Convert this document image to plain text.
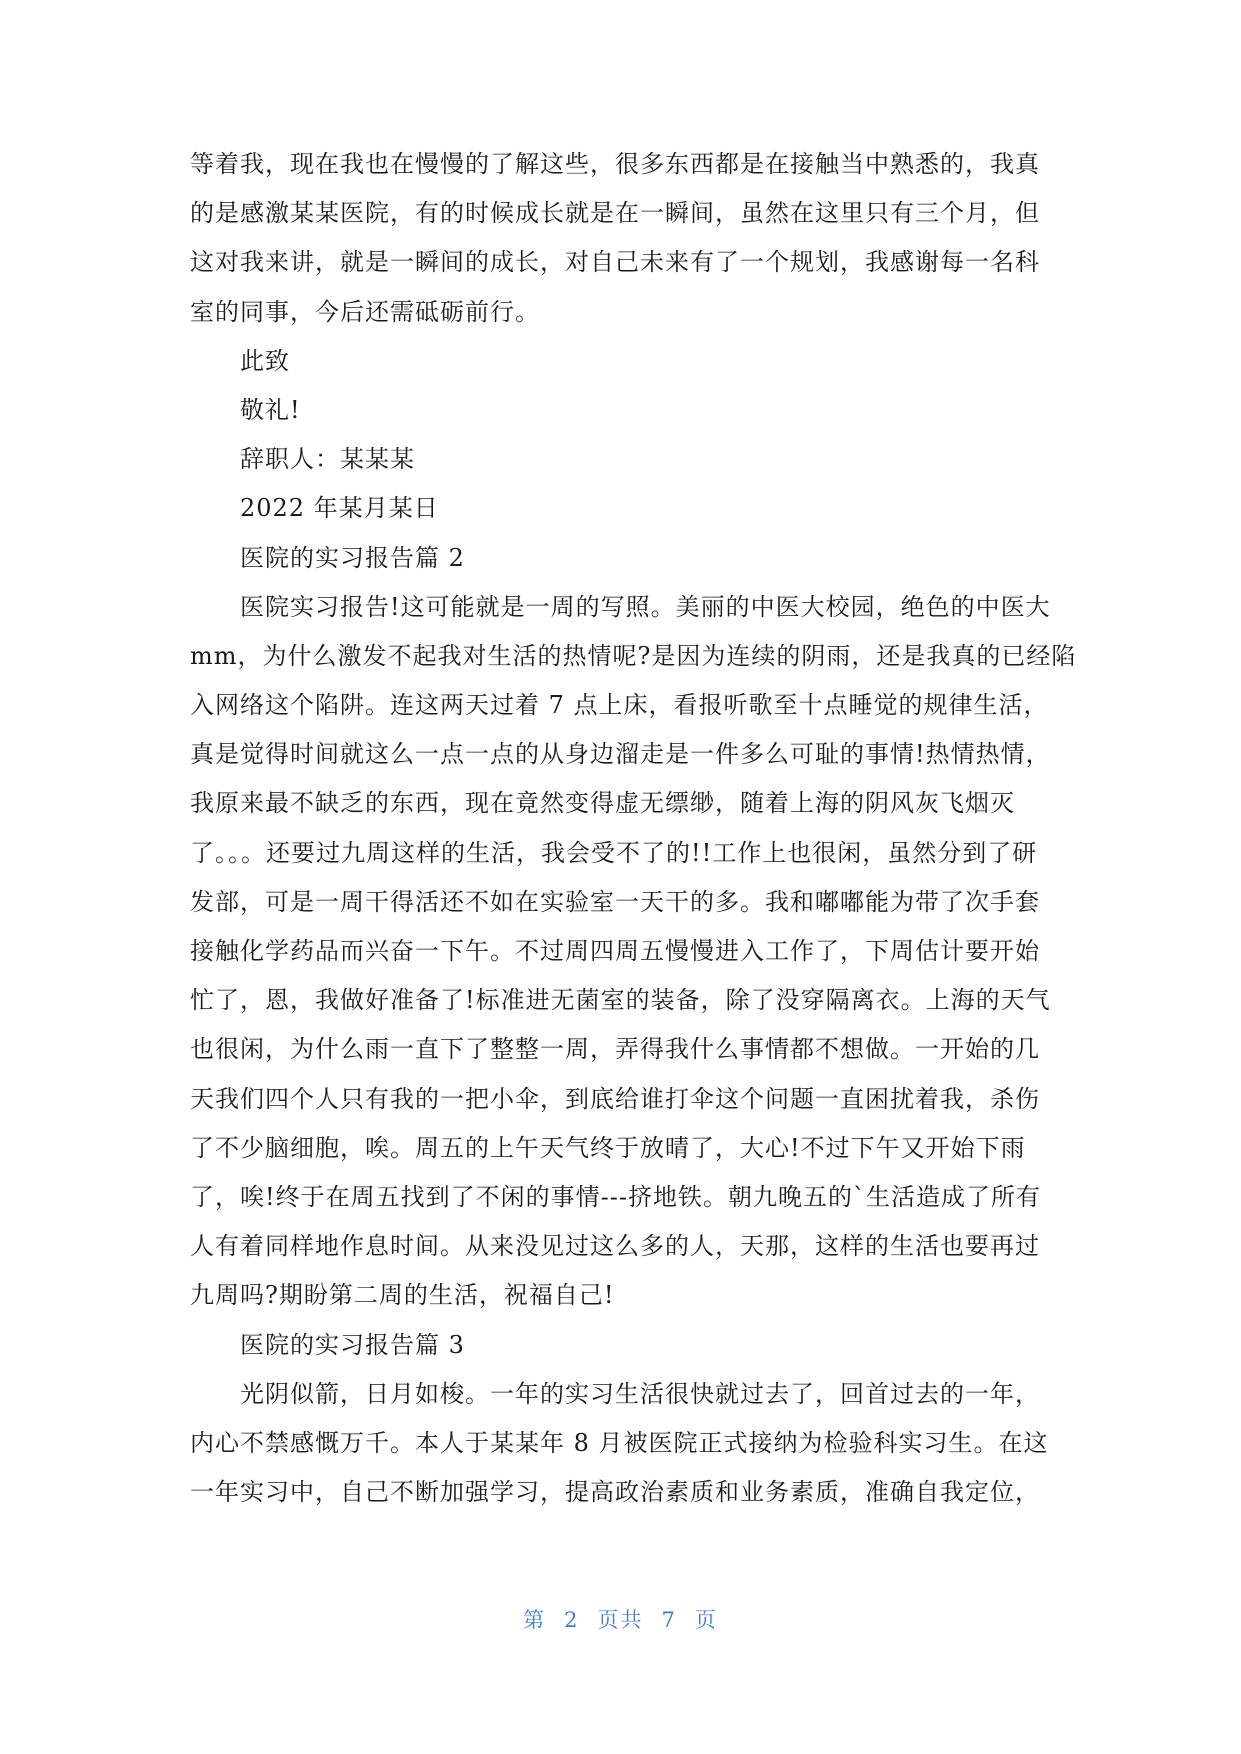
等着我，现在我也在慢慢的了解这些，很多东西都是在接触当中熟悉的，我真
的是感激某某医院，有的时候成长就是在一瞬间，虽然在这里只有三个月，但
这对我来讲，就是一瞬间的成长，对自己未来有了一个规划，我感谢每一名科
室的同事，今后还需砥砺前行。
此致
敬礼!
辞职人：某某某
2022 年某月某日
医院的实习报告篇 2
医院实习报告!这可能就是一周的写照。美丽的中医大校园，绝色的中医大
mm，为什么激发不起我对生活的热情呢?是因为连续的阴雨，还是我真的已经陷
入网络这个陷阱。连这两天过着 7 点上床，看报听歌至十点睡觉的规律生活，
真是觉得时间就这么一点一点的从身边溜走是一件多么可耻的事情!热情热情，
我原来最不缺乏的东西，现在竟然变得虚无缥缈，随着上海的阴风灰飞烟灭
了。。。还要过九周这样的生活，我会受不了的!!工作上也很闲，虽然分到了研
发部，可是一周干得活还不如在实验室一天干的多。我和嘟嘟能为带了次手套
接触化学药品而兴奋一下午。不过周四周五慢慢进入工作了，下周估计要开始
忙了，恩，我做好准备了!标准进无菌室的装备，除了没穿隔离衣。上海的天气
也很闲，为什么雨一直下了整整一周，弄得我什么事情都不想做。一开始的几
天我们四个人只有我的一把小伞，到底给谁打伞这个问题一直困扰着我，杀伤
了不少脑细胞，唉。周五的上午天气终于放晴了，大心!不过下午又开始下雨
了，唉!终于在周五找到了不闲的事情---挤地铁。朝九晚五的`生活造成了所有
人有着同样地作息时间。从来没见过这么多的人，天那，这样的生活也要再过
九周吗?期盼第二周的生活，祝福自己!
医院的实习报告篇 3
光阴似箭，日月如梭。一年的实习生活很快就过去了，回首过去的一年，
内心不禁感慨万千。本人于某某年 8 月被医院正式接纳为检验科实习生。在这
一年实习中，自己不断加强学习，提高政治素质和业务素质，准确自我定位，
第 2 页共 7 页
